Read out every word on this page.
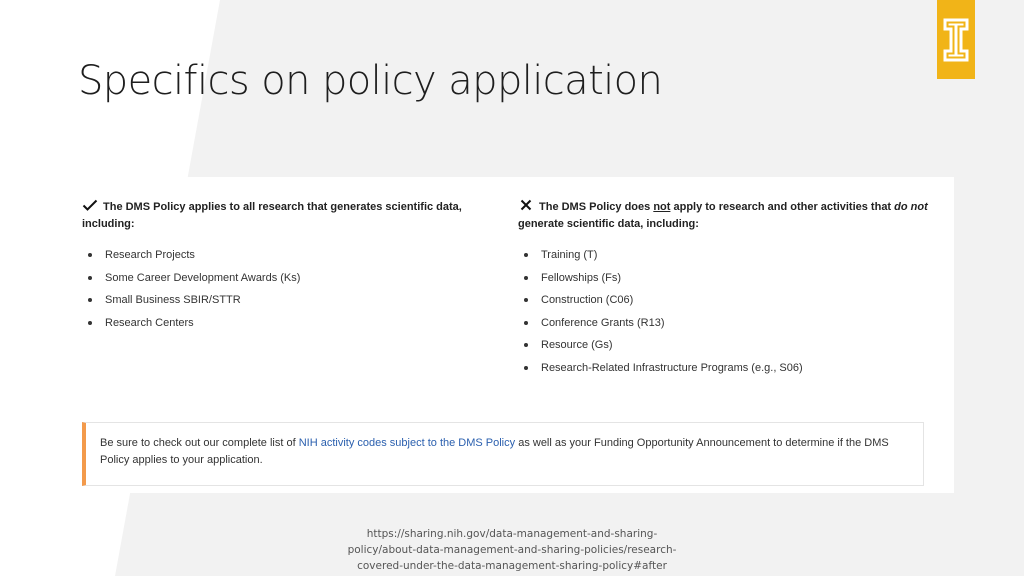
Specifics on policy application

The DMS Policy applies to all research that generates scientific data, including:

Research Projects
Some Career Development Awards (Ks)
Small Business SBIR/STTR
Research Centers

The DMS Policy does not apply to research and other activities that do not generate scientific data, including:

Training (T)
Fellowships (Fs)
Construction (C06)
Conference Grants (R13)
Resource (Gs)
Research-Related Infrastructure Programs (e.g., S06)
Be sure to check out our complete list of NIH activity codes subject to the DMS Policy as well as your Funding Opportunity Announcement to determine if the DMS Policy applies to your application.
https://sharing.nih.gov/data-management-and-sharing-
policy/about-data-management-and-sharing-policies/research-
covered-under-the-data-management-sharing-policy#after
